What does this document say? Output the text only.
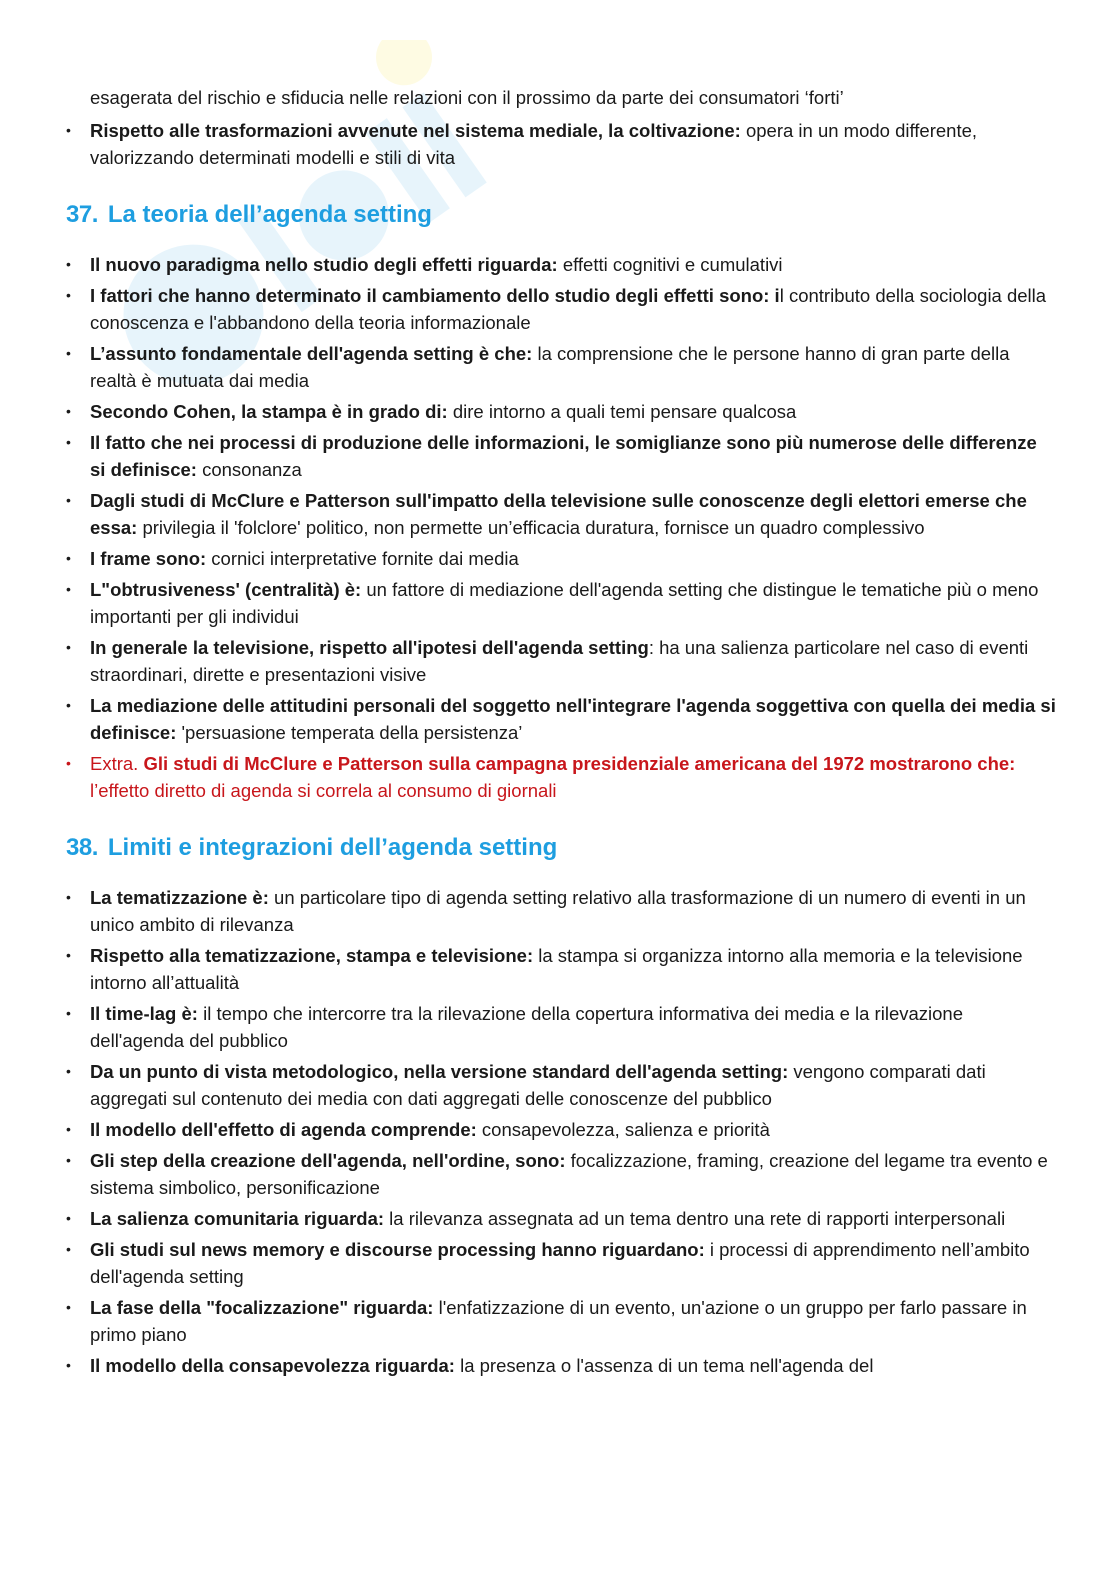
esagerata del rischio e sfiducia nelle relazioni con il prossimo da parte dei consumatori ‘forti’
• Rispetto alle trasformazioni avvenute nel sistema mediale, la coltivazione: opera in un modo differente, valorizzando determinati modelli e stili di vita
37. La teoria dell’agenda setting
• Il nuovo paradigma nello studio degli effetti riguarda: effetti cognitivi e cumulativi
• I fattori che hanno determinato il cambiamento dello studio degli effetti sono: il contributo della sociologia della conoscenza e l'abbandono della teoria informazionale
• L’assunto fondamentale dell'agenda setting è che: la comprensione che le persone hanno di gran parte della realtà è mutuata dai media
• Secondo Cohen, la stampa è in grado di: dire intorno a quali temi pensare qualcosa
• Il fatto che nei processi di produzione delle informazioni, le somiglianze sono più numerose delle differenze si definisce: consonanza
• Dagli studi di McClure e Patterson sull'impatto della televisione sulle conoscenze degli elettori emerse che essa: privilegia il 'folclore' politico, non permette un’efficacia duratura, fornisce un quadro complessivo
• I frame sono: cornici interpretative fornite dai media
• L"obtrusiveness' (centralità) è: un fattore di mediazione dell'agenda setting che distingue le tematiche più o meno importanti per gli individui
• In generale la televisione, rispetto all'ipotesi dell'agenda setting: ha una salienza particolare nel caso di eventi straordinari, dirette e presentazioni visive
• La mediazione delle attitudini personali del soggetto nell'integrare l'agenda soggettiva con quella dei media si definisce: 'persuasione temperata della persistenza’
• Extra. Gli studi di McClure e Patterson sulla campagna presidenziale americana del 1972 mostrarono che: l’effetto diretto di agenda si correla al consumo di giornali
38. Limiti e integrazioni dell’agenda setting
• La tematizzazione è: un particolare tipo di agenda setting relativo alla trasformazione di un numero di eventi in un unico ambito di rilevanza
• Rispetto alla tematizzazione, stampa e televisione: la stampa si organizza intorno alla memoria e la televisione intorno all’attualità
• Il time-lag è: il tempo che intercorre tra la rilevazione della copertura informativa dei media e la rilevazione dell'agenda del pubblico
• Da un punto di vista metodologico, nella versione standard dell'agenda setting: vengono comparati dati aggregati sul contenuto dei media con dati aggregati delle conoscenze del pubblico
• Il modello dell'effetto di agenda comprende: consapevolezza, salienza e priorità
• Gli step della creazione dell'agenda, nell'ordine, sono: focalizzazione, framing, creazione del legame tra evento e sistema simbolico, personificazione
• La salienza comunitaria riguarda: la rilevanza assegnata ad un tema dentro una rete di rapporti interpersonali
• Gli studi sul news memory e discourse processing hanno riguardano: i processi di apprendimento nell’ambito dell'agenda setting
• La fase della "focalizzazione" riguarda: l'enfatizzazione di un evento, un'azione o un gruppo per farlo passare in primo piano
• Il modello della consapevolezza riguarda: la presenza o l'assenza di un tema nell'agenda del
